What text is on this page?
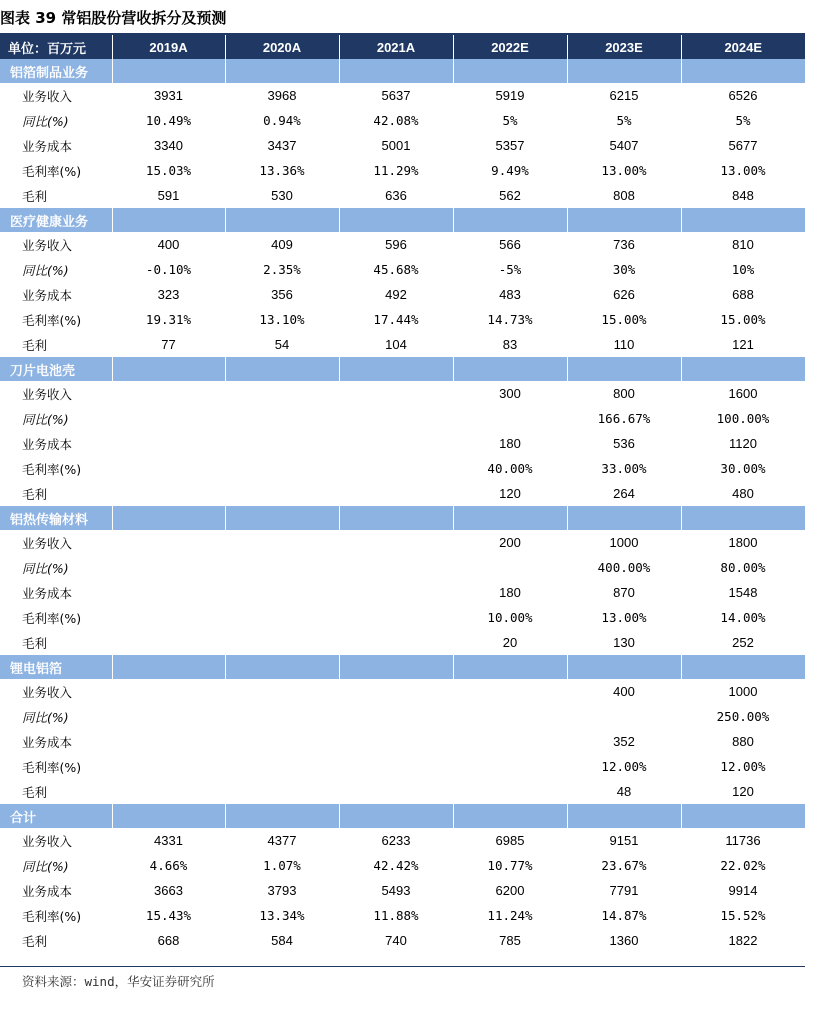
图表 39 常铝股份营收拆分及预测
单位：百万元	2019A	2020A	2021A	2022E	2023E	2024E
铝箔制品业务						
业务收入	3931	3968	5637	5919	6215	6526
同比(%)	10.49%	0.94%	42.08%	5%	5%	5%
业务成本	3340	3437	5001	5357	5407	5677
毛利率(%)	15.03%	13.36%	11.29%	9.49%	13.00%	13.00%
毛利	591	530	636	562	808	848
医疗健康业务						
业务收入	400	409	596	566	736	810
同比(%)	-0.10%	2.35%	45.68%	-5%	30%	10%
业务成本	323	356	492	483	626	688
毛利率(%)	19.31%	13.10%	17.44%	14.73%	15.00%	15.00%
毛利	77	54	104	83	110	121
刀片电池壳						
业务收入				300	800	1600
同比(%)					166.67%	100.00%
业务成本				180	536	1120
毛利率(%)				40.00%	33.00%	30.00%
毛利				120	264	480
铝热传输材料						
业务收入				200	1000	1800
同比(%)					400.00%	80.00%
业务成本				180	870	1548
毛利率(%)				10.00%	13.00%	14.00%
毛利				20	130	252
锂电铝箔						
业务收入					400	1000
同比(%)						250.00%
业务成本					352	880
毛利率(%)					12.00%	12.00%
毛利					48	120
合计						
业务收入	4331	4377	6233	6985	9151	11736
同比(%)	4.66%	1.07%	42.42%	10.77%	23.67%	22.02%
业务成本	3663	3793	5493	6200	7791	9914
毛利率(%)	15.43%	13.34%	11.88%	11.24%	14.87%	15.52%
毛利	668	584	740	785	1360	1822
资料来源：wind，华安证券研究所
